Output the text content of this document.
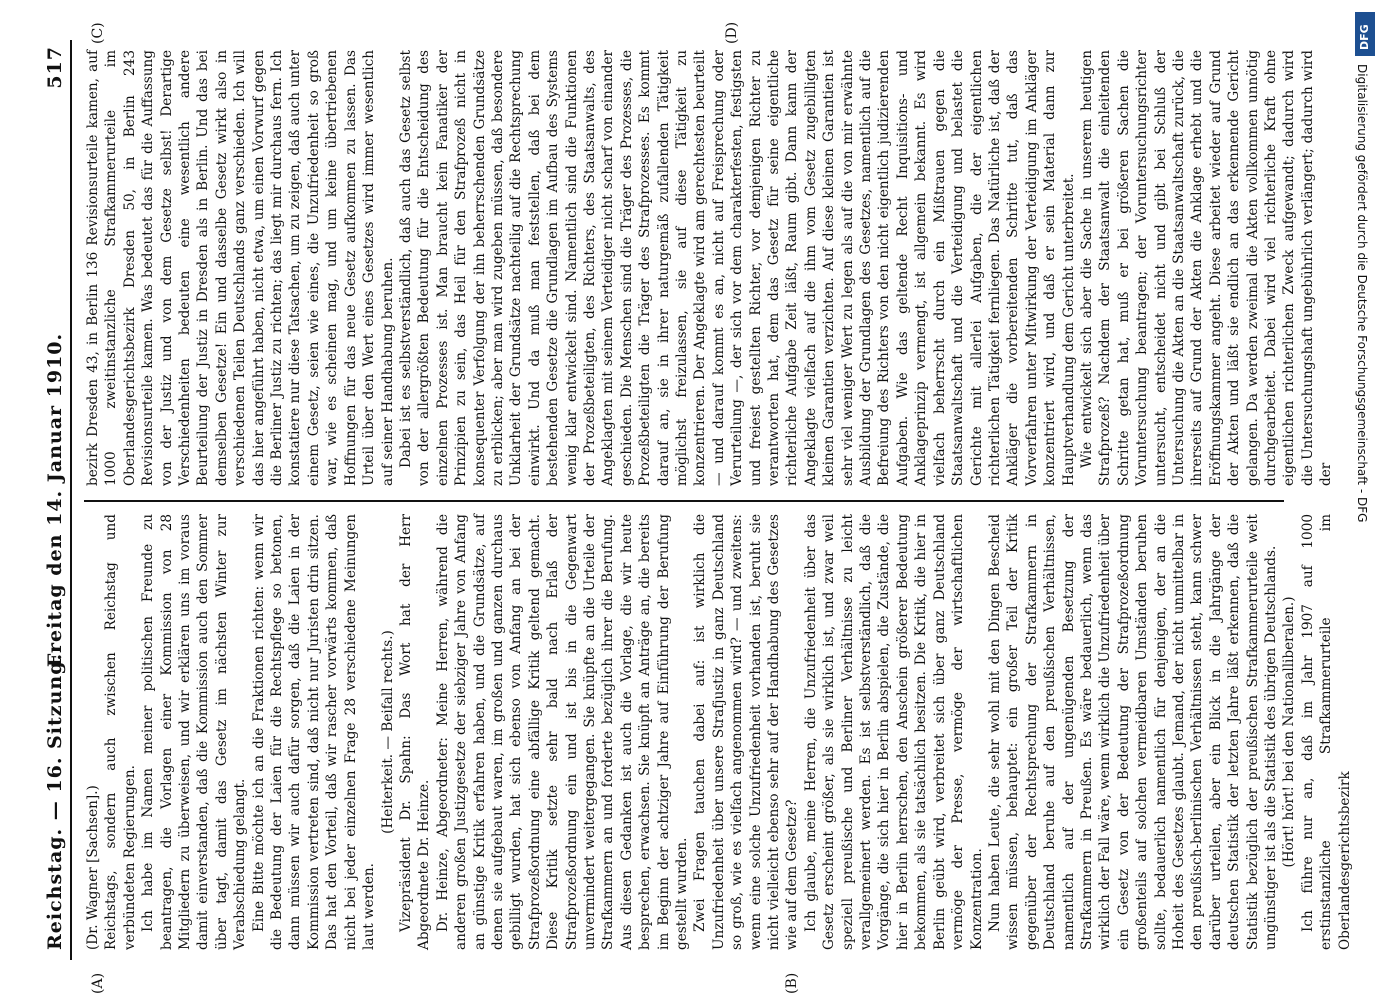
Reichstag. — 16. Sitzung.
Freitag den 14. Januar 1910.
517
(A)	(B)
(C)	(D)

(Dr. Wagner [Sachsen].) Reichstags, sondern auch zwischen Reichstag und verbündeten Regierungen. Ich habe im Namen meiner politischen Freunde zu beantragen, die Vorlagen einer Kommission von 28 Mitgliedern zu überweisen, und wir erklären uns im voraus damit einverstanden, daß die Kommission auch den Sommer über tagt, damit das Gesetz im nächsten Winter zur Verabschiedung gelangt. Eine Bitte möchte ich an die Fraktionen richten: wenn wir die Bedeutung der Laien für die Rechtspflege so betonen, dann müssen wir auch dafür sorgen, daß die Laien in der Kommission vertreten sind, daß nicht nur Juristen drin sitzen. Das hat den Vorteil, daß wir rascher vorwärts kommen, daß nicht bei jeder einzelnen Frage 28 verschiedene Meinungen laut werden.

(Heiterkeit. — Beifall rechts.) Vizepräsident Dr. Spahn: Das Wort hat der Herr Abgeordnete Dr. Heinze. Dr. Heinze, Abgeordneter: Meine Herren, während die anderen großen Justizgesetze der siebziger Jahre von Anfang an günstige Kritik erfahren haben, und die Grundsätze, auf denen sie aufgebaut waren, im großen und ganzen durchaus gebilligt wurden, hat sich ebenso von Anfang an bei der Strafprozeßordnung eine abfällige Kritik geltend gemacht. Diese Kritik setzte sehr bald nach Erlaß der Strafprozeßordnung ein und ist bis in die Gegenwart unvermindert weitergegangen. Sie knüpfte an die Urteile der Strafkammern an und forderte bezüglich ihrer die Berufung. Aus diesen Gedanken ist auch die Vorlage, die wir heute besprechen, erwachsen. Sie knüpft an Anträge an, die bereits im Beginn der achtziger Jahre auf Einführung der Berufung gestellt wurden. Zwei Fragen tauchen dabei auf: ist wirklich die Unzufriedenheit über unsere Strafjustiz in ganz Deutschland so groß, wie es vielfach angenommen wird? — und zweitens: wenn eine solche Unzufriedenheit vorhanden ist, beruht sie nicht vielleicht ebenso sehr auf der Handhabung des Gesetzes wie auf dem Gesetze? Ich glaube, meine Herren, die Unzufriedenheit über das Gesetz erscheint größer, als sie wirklich ist, und zwar weil speziell preußische und Berliner Verhältnisse zu leicht verallgemeinert werden. Es ist selbstverständlich, daß die Vorgänge, die sich hier in Berlin abspielen, die Zustände, die hier in Berlin herrschen, den Anschein größerer Bedeutung bekommen, als sie tatsächlich besitzen. Die Kritik, die hier in Berlin geübt wird, verbreitet sich über ganz Deutschland vermöge der Presse, vermöge der wirtschaftlichen Konzentration. Nun haben Leute, die sehr wohl mit den Dingen Bescheid wissen müssen, behauptet: ein großer Teil der Kritik gegenüber der Rechtsprechung der Strafkammern in Deutschland beruhe auf den preußischen Verhältnissen, namentlich auf der ungenügenden Besetzung der Strafkammern in Preußen. Es wäre bedauerlich, wenn das wirklich der Fall wäre, wenn wirklich die Unzufriedenheit über ein Gesetz von der Bedeutung der Strafprozeßordnung großenteils auf solchen vermeidbaren Umständen beruhen sollte, bedauerlich namentlich für denjenigen, der an die Hoheit des Gesetzes glaubt. Jemand, der nicht unmittelbar in den preußisch-berlinischen Verhältnissen steht, kann schwer darüber urteilen, aber ein Blick in die Jahrgänge der deutschen Statistik der letzten Jahre läßt erkennen, daß die Statistik bezüglich der preußischen Strafkammerurteile weit ungünstiger ist als die Statistik des übrigen Deutschlands. (Hört! hört! bei den Nationalliberalen.) Ich führe nur an, daß im Jahr 1907 auf 1000 erstinstanzliche Strafkammerurteile im Oberlandesgerichtsbezirk

bezirk Dresden 43, in Berlin 136 Revisionsurteile kamen, auf 1000 zweitinstanzliche Strafkammerurteile im Oberlandesgerichtsbezirk Dresden 50, in Berlin 243 Revisionsurteile kamen. Was bedeutet das für die Auffassung von der Justiz und von dem Gesetze selbst! Derartige Verschiedenheiten bedeuten eine wesentlich andere Beurteilung der Justiz in Dresden als in Berlin. Und das bei demselben Gesetze! Ein und dasselbe Gesetz wirkt also in verschiedenen Teilen Deutschlands ganz verschieden. Ich will das hier angeführt haben, nicht etwa, um einen Vorwurf gegen die Berliner Justiz zu richten; das liegt mir durchaus fern. Ich konstatiere nur diese Tatsachen, um zu zeigen, daß auch unter einem Gesetz, seien wie eines, die Unzufriedenheit so groß war, wie es scheinen mag, und um keine übertriebenen Hoffnungen für das neue Gesetz aufkommen zu lassen. Das Urteil über den Wert eines Gesetzes wird immer wesentlich auf seiner Handhabung beruhen. Dabei ist es selbstverständlich, daß auch das Gesetz selbst von der allergrößten Bedeutung für die Entscheidung des einzelnen Prozesses ist. Man braucht kein Fanatiker der Prinzipien zu sein, das Heil für den Strafprozeß nicht in konsequenter Verfolgung der ihn beherrschenden Grundsätze zu erblicken; aber man wird zugeben müssen, daß besondere Unklarheit der Grundsätze nachteilig auf die Rechtsprechung einwirkt. Und da muß man feststellen, daß bei dem bestehenden Gesetze die Grundlagen im Aufbau des Systems wenig klar entwickelt sind. Namentlich sind die Funktionen der Prozeßbeteiligten, des Richters, des Staatsanwalts, des Angeklagten mit seinem Verteidiger nicht scharf von einander geschieden. Die Menschen sind die Träger des Prozesses, die Prozeßbeteiligten die Träger des Strafprozesses. Es kommt darauf an, sie in ihrer naturgemäß zufallenden Tätigkeit möglichst freizulassen, sie auf diese Tätigkeit zu konzentrieren. Der Angeklagte wird am gerechtesten beurteilt — und darauf kommt es an, nicht auf Freisprechung oder Verurteilung —, der sich vor dem charakterfesten, festigsten und freiest gestellten Richter, vor demjenigen Richter zu verantworten hat, dem das Gesetz für seine eigentliche richterliche Aufgabe Zeit läßt, Raum gibt. Dann kann der Angeklagte vielfach auf die ihm vom Gesetz zugebilligten kleinen Garantien verzichten. Auf diese kleinen Garantien ist sehr viel weniger Wert zu legen als auf die von mir erwähnte Ausbildung der Grundlagen des Gesetzes, namentlich auf die Befreiung des Richters von den nicht eigentlich judizierenden Aufgaben. Wie das geltende Recht Inquisitions- und Anklageprinzip vermengt, ist allgemein bekannt. Es wird vielfach beherrscht durch ein Mißtrauen gegen die Staatsanwaltschaft und die Verteidigung und belastet die Gerichte mit allerlei Aufgaben, die der eigentlichen richterlichen Tätigkeit fernliegen. Das Natürliche ist, daß der Ankläger die vorbereitenden Schritte tut, daß das Vorverfahren unter Mitwirkung der Verteidigung im Ankläger konzentriert wird, und daß er sein Material dann zur Hauptverhandlung dem Gericht unterbreitet. Wie entwickelt sich aber die Sache in unserem heutigen Strafprozeß? Nachdem der Staatsanwalt die einleitenden Schritte getan hat, muß er bei größeren Sachen die Voruntersuchung beantragen; der Voruntersuchungsrichter untersucht, entscheidet nicht und gibt bei Schluß der Untersuchung die Akten an die Staatsanwaltschaft zurück, die ihrerseits auf Grund der Akten die Anklage erhebt und die Eröffnungskammer angeht. Diese arbeitet wieder auf Grund der Akten und läßt sie endlich an das erkennende Gericht gelangen. Da werden zweimal die Akten vollkommen unnötig durchgearbeitet. Dabei wird viel richterliche Kraft ohne eigentlichen richterlichen Zweck aufgewandt; dadurch wird die Untersuchungshaft ungebührlich verlängert; dadurch wird der

DFG
Digitalisierung gefördert durch die Deutsche Forschungsgemeinschaft - DFG
